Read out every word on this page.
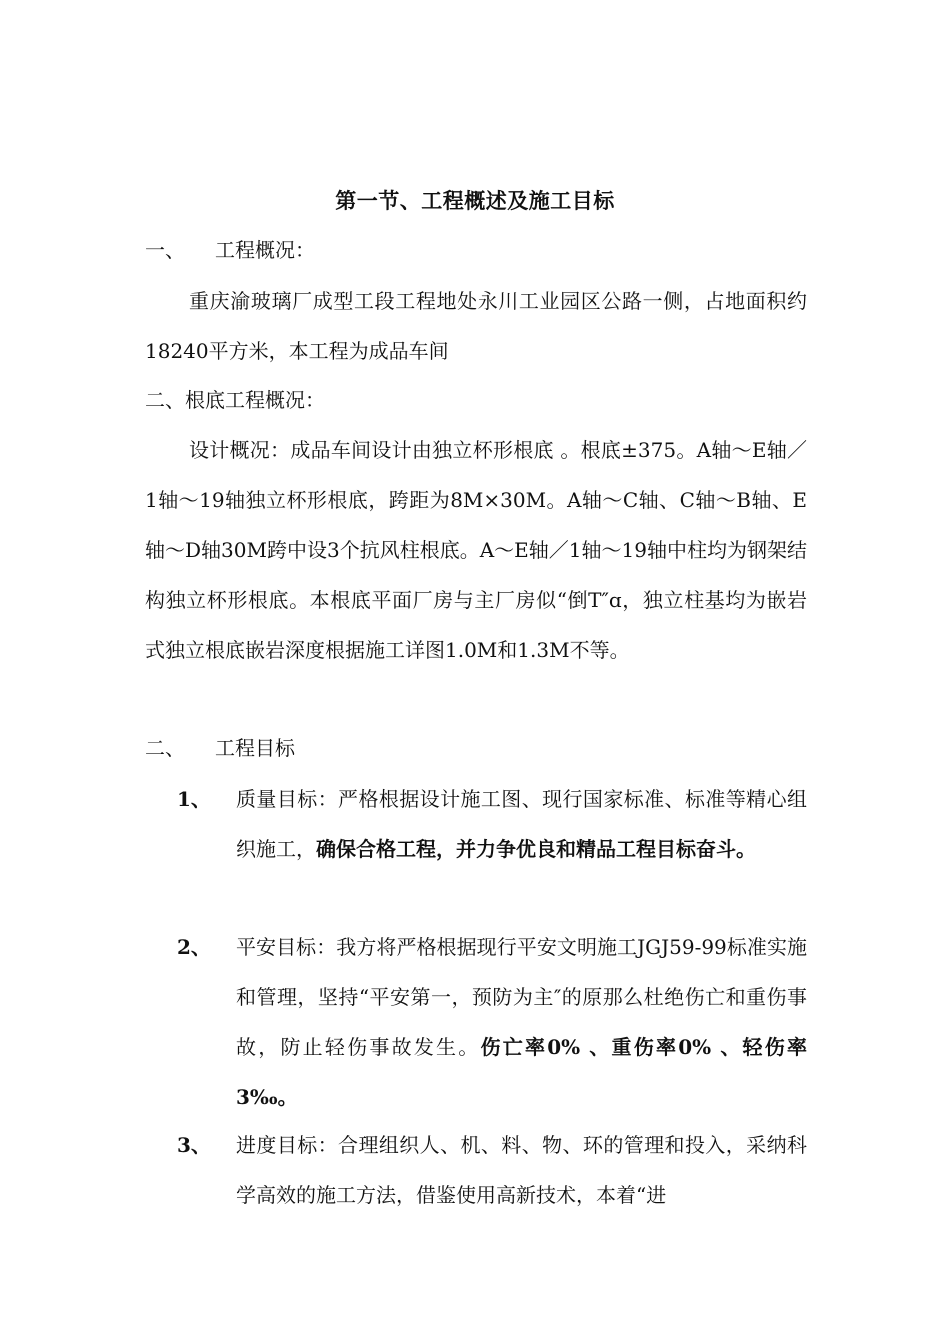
第一节、工程概述及施工目标
一、 工程概况：
重庆渝玻璃厂成型工段工程地处永川工业园区公路一侧，占地面积约18240平方米，本工程为成品车间
二、根底工程概况：
设计概况：成品车间设计由独立杯形根底 。根底±375。A轴～E轴／1轴～19轴独立杯形根底，跨距为8M×30M。A轴～C轴、C轴～B轴、E轴～D轴30M跨中设3个抗风柱根底。A～E轴／1轴～19轴中柱均为钢架结构独立杯形根底。本根底平面厂房与主厂房似“倒T″ɑ，独立柱基均为嵌岩式独立根底嵌岩深度根据施工详图1.0M和1.3M不等。
二、 工程目标
1、 质量目标：严格根据设计施工图、现行国家标准、标准等精心组织施工，确保合格工程，并力争优良和精品工程目标奋斗。
2、 平安目标：我方将严格根据现行平安文明施工JGJ59-99标准实施和管理，坚持“平安第一，预防为主″的原那么杜绝伤亡和重伤事故，防止轻伤事故发生。伤亡率0% 、重伤率0% 、轻伤率3‰。
3、 进度目标：合理组织人、机、料、物、环的管理和投入，采纳科学高效的施工方法，借鉴使用高新技术，本着“进
